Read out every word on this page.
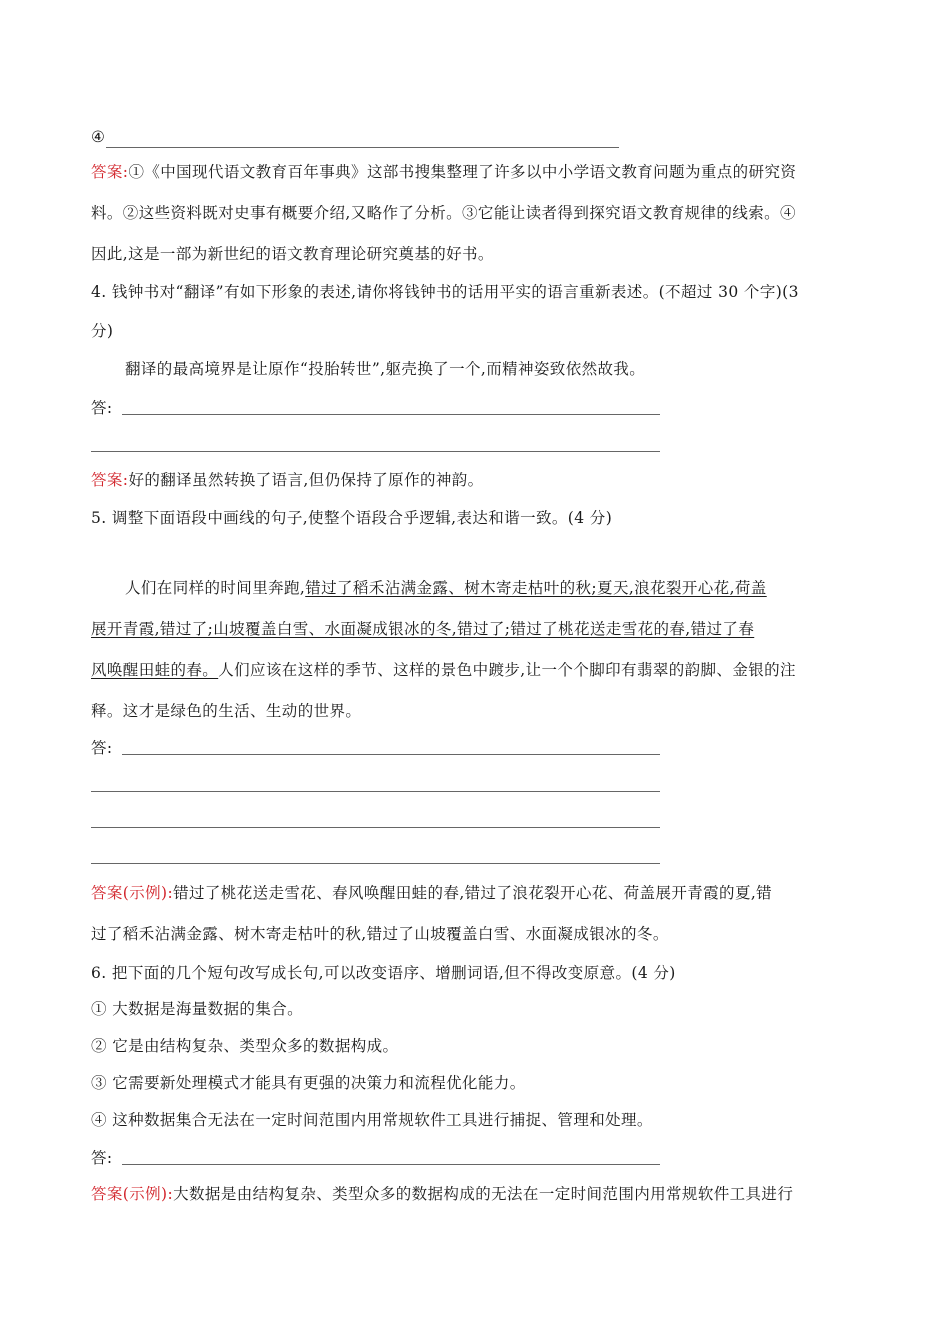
④
答案:①《中国现代语文教育百年事典》这部书搜集整理了许多以中小学语文教育问题为重点的研究资
料。②这些资料既对史事有概要介绍,又略作了分析。③它能让读者得到探究语文教育规律的线索。④
因此,这是一部为新世纪的语文教育理论研究奠基的好书。
4. 钱钟书对“翻译”有如下形象的表述,请你将钱钟书的话用平实的语言重新表述。(不超过 30 个字)(3
分)
翻译的最高境界是让原作“投胎转世”,躯壳换了一个,而精神姿致依然故我。
答:
答案:好的翻译虽然转换了语言,但仍保持了原作的神韵。
5. 调整下面语段中画线的句子,使整个语段合乎逻辑,表达和谐一致。(4 分)
人们在同样的时间里奔跑,错过了稻禾沾满金露、树木寄走枯叶的秋;夏天,浪花裂开心花,荷盖
展开青霞,错过了;山坡覆盖白雪、水面凝成银冰的冬,错过了;错过了桃花送走雪花的春,错过了春
风唤醒田蛙的春。人们应该在这样的季节、这样的景色中踱步,让一个个脚印有翡翠的韵脚、金银的注
释。这才是绿色的生活、生动的世界。
答:
答案(示例):错过了桃花送走雪花、春风唤醒田蛙的春,错过了浪花裂开心花、荷盖展开青霞的夏,错
过了稻禾沾满金露、树木寄走枯叶的秋,错过了山坡覆盖白雪、水面凝成银冰的冬。
6. 把下面的几个短句改写成长句,可以改变语序、增删词语,但不得改变原意。(4 分)
① 大数据是海量数据的集合。
② 它是由结构复杂、类型众多的数据构成。
③ 它需要新处理模式才能具有更强的决策力和流程优化能力。
④ 这种数据集合无法在一定时间范围内用常规软件工具进行捕捉、管理和处理。
答:
答案(示例):大数据是由结构复杂、类型众多的数据构成的无法在一定时间范围内用常规软件工具进行
